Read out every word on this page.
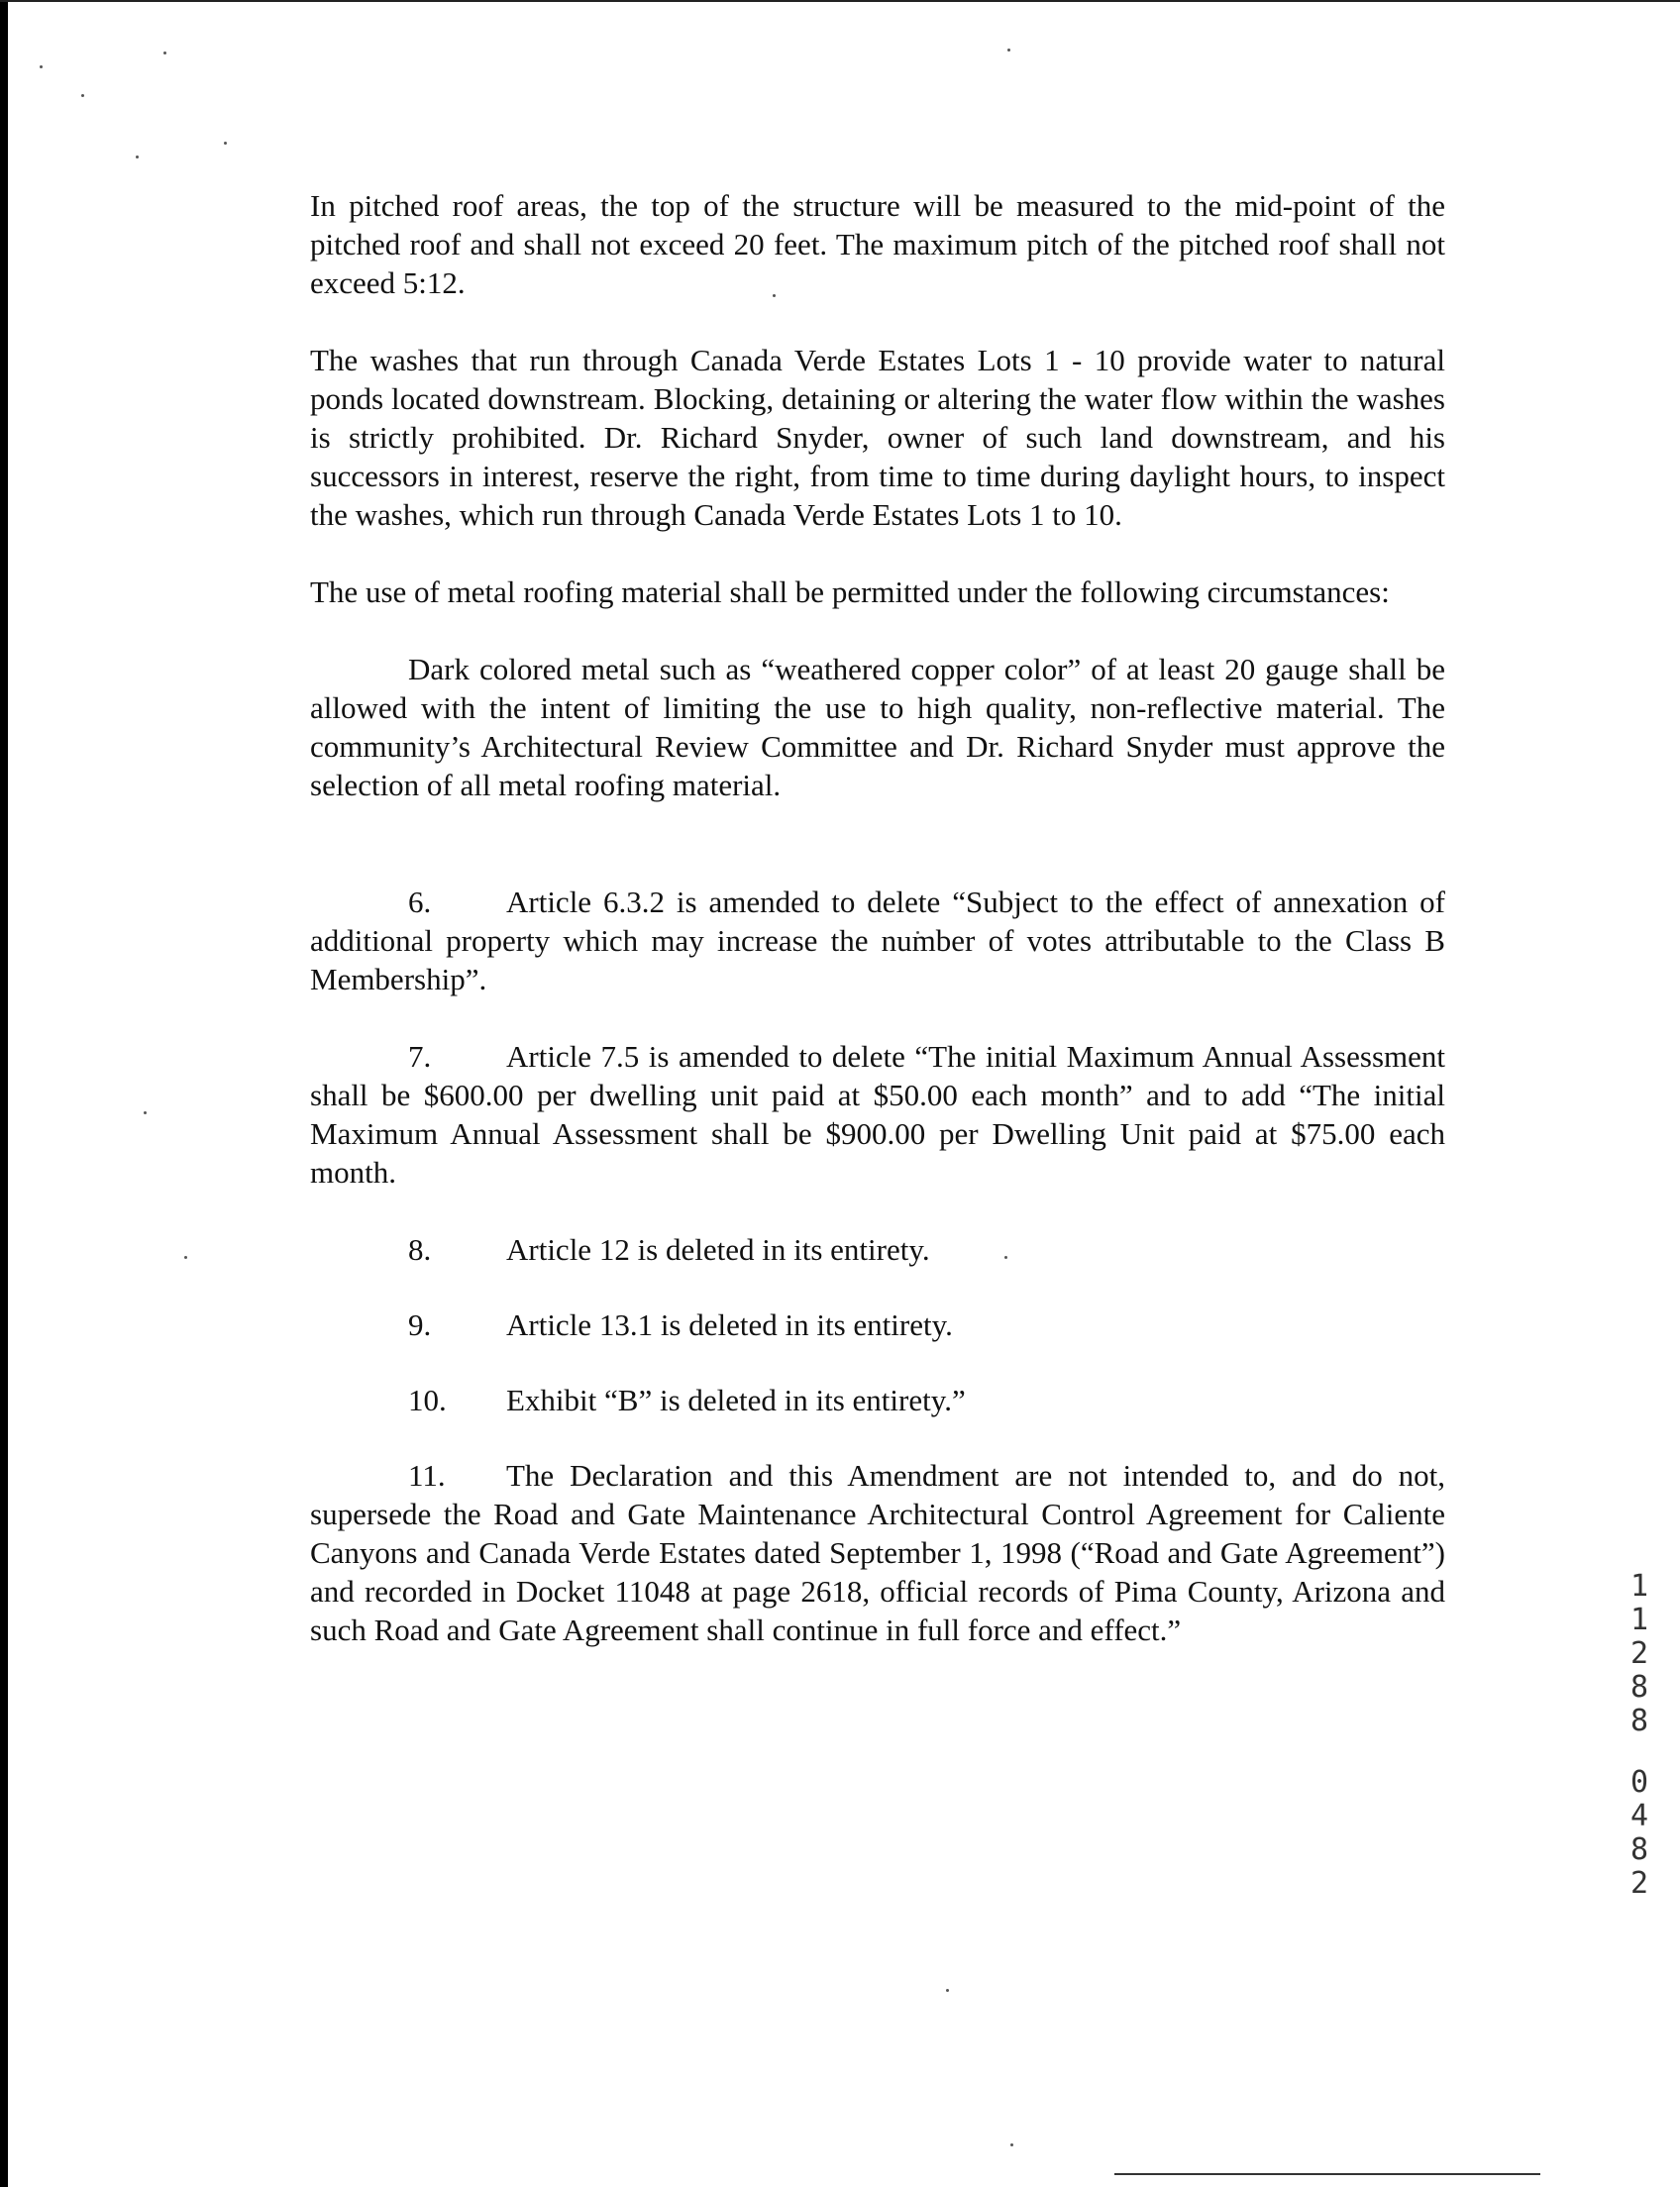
In pitched roof areas, the top of the structure will be measured to the mid-point of the pitched roof and shall not exceed 20 feet. The maximum pitch of the pitched roof shall not exceed 5:12.

The washes that run through Canada Verde Estates Lots 1 - 10 provide water to natural ponds located downstream. Blocking, detaining or altering the water flow within the washes is strictly prohibited. Dr. Richard Snyder, owner of such land downstream, and his successors in interest, reserve the right, from time to time during daylight hours, to inspect the washes, which run through Canada Verde Estates Lots 1 to 10.

The use of metal roofing material shall be permitted under the following circumstances:

Dark colored metal such as “weathered copper color” of at least 20 gauge shall be allowed with the intent of limiting the use to high quality, non-reflective material. The community’s Architectural Review Committee and Dr. Richard Snyder must approve the selection of all metal roofing material.

6. Article 6.3.2 is amended to delete “Subject to the effect of annexation of additional property which may increase the number of votes attributable to the Class B Membership”.

7. Article 7.5 is amended to delete “The initial Maximum Annual Assessment shall be $600.00 per dwelling unit paid at $50.00 each month” and to add “The initial Maximum Annual Assessment shall be $900.00 per Dwelling Unit paid at $75.00 each month.

8. Article 12 is deleted in its entirety.

9. Article 13.1 is deleted in its entirety.

10. Exhibit “B” is deleted in its entirety.”

11. The Declaration and this Amendment are not intended to, and do not, supersede the Road and Gate Maintenance Architectural Control Agreement for Caliente Canyons and Canada Verde Estates dated September 1, 1998 (“Road and Gate Agreement”) and recorded in Docket 11048 at page 2618, official records of Pima County, Arizona and such Road and Gate Agreement shall continue in full force and effect.”

1
1
2
8
8
0
4
8
2
